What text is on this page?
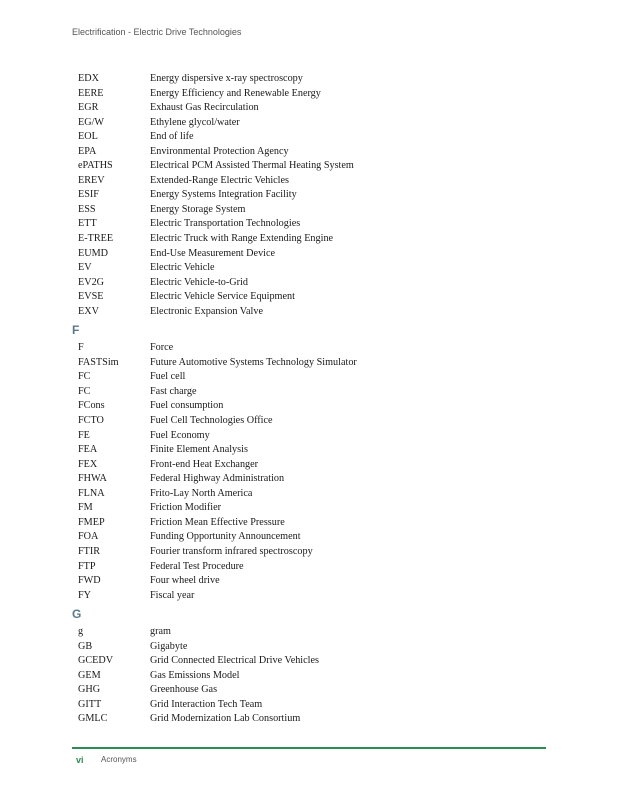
Electrification - Electric Drive Technologies
EDX	Energy dispersive x-ray spectroscopy
EERE	Energy Efficiency and Renewable Energy
EGR	Exhaust Gas Recirculation
EG/W	Ethylene glycol/water
EOL	End of life
EPA	Environmental Protection Agency
ePATHS	Electrical PCM Assisted Thermal Heating System
EREV	Extended-Range Electric Vehicles
ESIF	Energy Systems Integration Facility
ESS	Energy Storage System
ETT	Electric Transportation Technologies
E-TREE	Electric Truck with Range Extending Engine
EUMD	End-Use Measurement Device
EV	Electric Vehicle
EV2G	Electric Vehicle-to-Grid
EVSE	Electric Vehicle Service Equipment
EXV	Electronic Expansion Valve
F
F	Force
FASTSim	Future Automotive Systems Technology Simulator
FC	Fuel cell
FC	Fast charge
FCons	Fuel consumption
FCTO	Fuel Cell Technologies Office
FE	Fuel Economy
FEA	Finite Element Analysis
FEX	Front-end Heat Exchanger
FHWA	Federal Highway Administration
FLNA	Frito-Lay North America
FM	Friction Modifier
FMEP	Friction Mean Effective Pressure
FOA	Funding Opportunity Announcement
FTIR	Fourier transform infrared spectroscopy
FTP	Federal Test Procedure
FWD	Four wheel drive
FY	Fiscal year
G
g	gram
GB	Gigabyte
GCEDV	Grid Connected Electrical Drive Vehicles
GEM	Gas Emissions Model
GHG	Greenhouse Gas
GITT	Grid Interaction Tech Team
GMLC	Grid Modernization Lab Consortium
vi Acronyms
